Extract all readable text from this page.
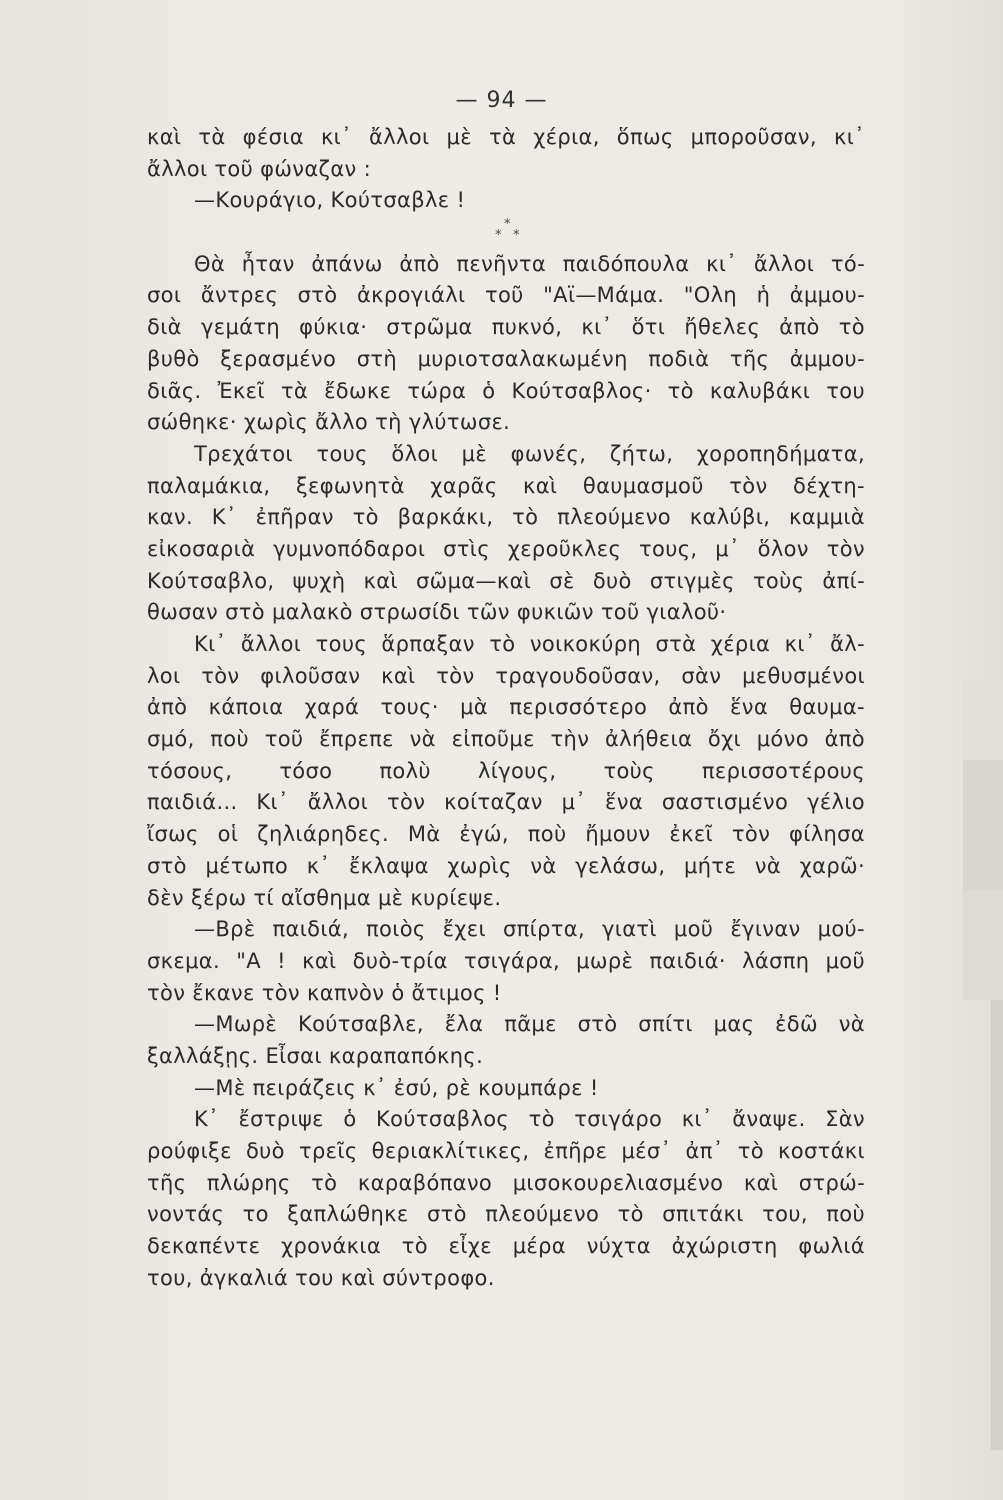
— 94 —
καὶ τὰ φέσια κι᾿ ἄλλοι μὲ τὰ χέρια, ὅπως μποροῦσαν, κι᾿
ἄλλοι τοῦ φώναζαν :
—Κουράγιο, Κούτσαβλε !
*
* *
Θὰ ἦταν ἀπάνω ἀπὸ πενῆντα παιδόπουλα κι᾿ ἄλλοι τό-
σοι ἄντρες στὸ ἀκρογιάλι τοῦ "Αϊ—Μάμα. "Ολη ἡ ἀμμου-
διὰ γεμάτη φύκια· στρῶμα πυκνό, κι᾿ ὅτι ἤθελες ἀπὸ τὸ
βυθὸ ξερασμένο στὴ μυριοτσαλακωμένη ποδιὰ τῆς ἀμμου-
διᾶς. Ἐκεῖ τὰ ἔδωκε τώρα ὁ Κούτσαβλος· τὸ καλυβάκι του
σώθηκε· χωρὶς ἄλλο τὴ γλύτωσε.
Τρεχάτοι τους ὅλοι μὲ φωνές, ζήτω, χοροπηδήματα,
παλαμάκια, ξεφωνητὰ χαρᾶς καὶ θαυμασμοῦ τὸν δέχτη-
καν. Κ᾿ ἐπῆραν τὸ βαρκάκι, τὸ πλεούμενο καλύβι, καμμιὰ
εἰκοσαριὰ γυμνοπόδαροι στὶς χεροῦκλες τους, μ᾿ ὅλον τὸν
Κούτσαβλο, ψυχὴ καὶ σῶμα—καὶ σὲ δυὸ στιγμὲς τοὺς ἀπί-
θωσαν στὸ μαλακὸ στρωσίδι τῶν φυκιῶν τοῦ γιαλοῦ·
Κι᾿ ἄλλοι τους ἅρπαξαν τὸ νοικοκύρη στὰ χέρια κι᾿ ἄλ-
λοι τὸν φιλοῦσαν καὶ τὸν τραγουδοῦσαν, σὰν μεθυσμένοι
ἀπὸ κάποια χαρά τους· μὰ περισσότερο ἀπὸ ἕνα θαυμα-
σμό, ποὺ τοῦ ἔπρεπε νὰ εἰποῦμε τὴν ἀλήθεια ὄχι μόνο ἀπὸ
τόσους, τόσο πολὺ λίγους, τοὺς περισσοτέρους
παιδιά... Κι᾿ ἄλλοι τὸν κοίταζαν μ᾿ ἕνα σαστισμένο γέλιο
ἴσως οἱ ζηλιάρηδες. Μὰ ἐγώ, ποὺ ἤμουν ἐκεῖ τὸν φίλησα
στὸ μέτωπο κ᾿ ἔκλαψα χωρὶς νὰ γελάσω, μήτε νὰ χαρῶ·
δὲν ξέρω τί αἴσθημα μὲ κυρίεψε.
—Βρὲ παιδιά, ποιὸς ἔχει σπίρτα, γιατὶ μοῦ ἔγιναν μού-
σκεμα. "Α ! καὶ δυὸ-τρία τσιγάρα, μωρὲ παιδιά· λάσπη μοῦ
τὸν ἔκανε τὸν καπνὸν ὁ ἄτιμος !
—Μωρὲ Κούτσαβλε, ἔλα πᾶμε στὸ σπίτι μας ἐδῶ νὰ
ξαλλάξῃς. Εἶσαι καραπαπόκης.
—Μὲ πειράζεις κ᾿ ἐσύ, ρὲ κουμπάρε !
Κ᾿ ἔστριψε ὁ Κούτσαβλος τὸ τσιγάρο κι᾿ ἄναψε. Σὰν
ρούφιξε δυὸ τρεῖς θεριακλίτικες, ἐπῆρε μέσ᾿ ἀπ᾿ τὸ κοστάκι
τῆς πλώρης τὸ καραβόπανο μισοκουρελιασμένο καὶ στρώ-
νοντάς το ξαπλώθηκε στὸ πλεούμενο τὸ σπιτάκι του, ποὺ
δεκαπέντε χρονάκια τὸ εἶχε μέρα νύχτα ἀχώριστη φωλιά
του, ἀγκαλιά του καὶ σύντροφο.
